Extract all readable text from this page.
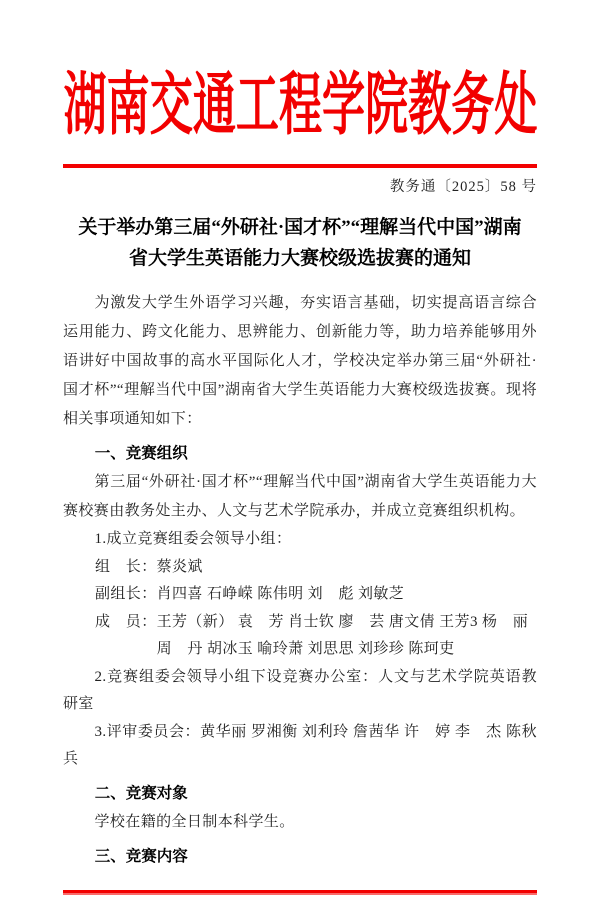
湖南交通工程学院教务处
教务通〔2025〕58 号
关于举办第三届“外研社·国才杯”“理解当代中国”湖南
省大学生英语能力大赛校级选拔赛的通知

为激发大学生外语学习兴趣，夯实语言基础，切实提高语言综合运用能力、跨文化能力、思辨能力、创新能力等，助力培养能够用外语讲好中国故事的高水平国际化人才，学校决定举办第三届“外研社·国才杯”“理解当代中国”湖南省大学生英语能力大赛校级选拔赛。现将相关事项通知如下：

一、竞赛组织

第三届“外研社·国才杯”“理解当代中国”湖南省大学生英语能力大赛校赛由教务处主办、人文与艺术学院承办，并成立竞赛组织机构。

1.成立竞赛组委会领导小组：

组　长： 蔡炎斌
副组长： 肖四喜 石峥嵘 陈伟明 刘　彪 刘敏芝
成　员： 王芳（新） 袁　芳 肖士钦 廖　芸 唐文倩 王芳3 杨　丽
周　丹 胡冰玉 喻玲萧 刘思思 刘珍珍 陈珂吏

2.竞赛组委会领导小组下设竞赛办公室：人文与艺术学院英语教研室

3.评审委员会：黄华丽 罗湘衡 刘利玲 詹茜华 许　婷 李　杰 陈秋兵

二、竞赛对象

学校在籍的全日制本科学生。

三、竞赛内容
